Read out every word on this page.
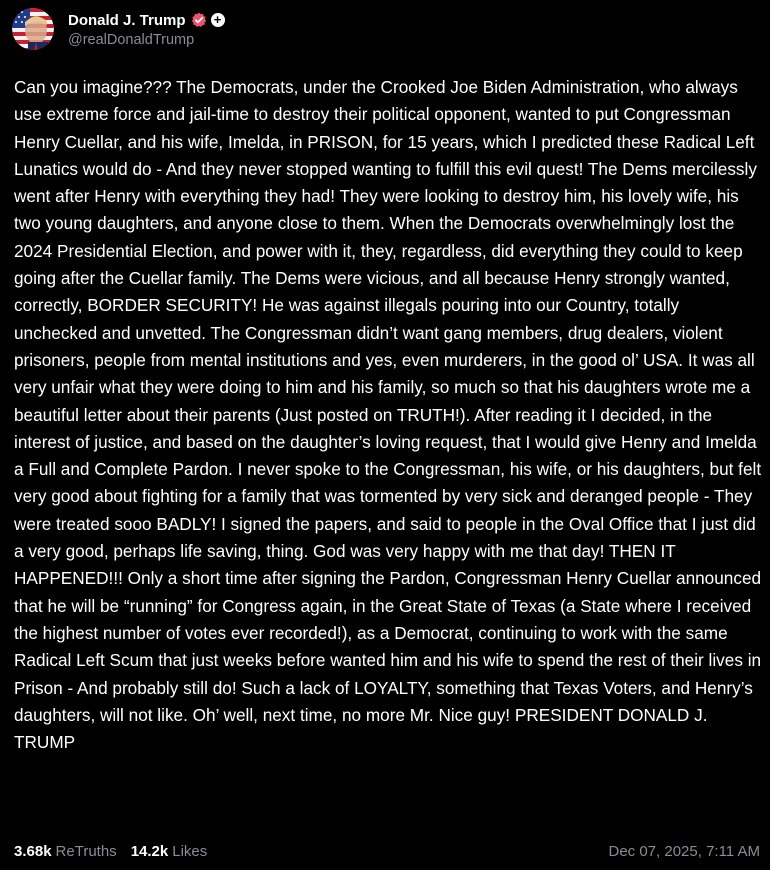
Donald J. Trump +
@realDonaldTrump
Can you imagine??? The Democrats, under the Crooked Joe Biden Administration, who always use extreme force and jail-time to destroy their political opponent, wanted to put Congressman Henry Cuellar, and his wife, Imelda, in PRISON, for 15 years, which I predicted these Radical Left Lunatics would do - And they never stopped wanting to fulfill this evil quest! The Dems mercilessly went after Henry with everything they had! They were looking to destroy him, his lovely wife, his two young daughters, and anyone close to them. When the Democrats overwhelmingly lost the 2024 Presidential Election, and power with it, they, regardless, did everything they could to keep going after the Cuellar family. The Dems were vicious, and all because Henry strongly wanted, correctly, BORDER SECURITY! He was against illegals pouring into our Country, totally unchecked and unvetted. The Congressman didn’t want gang members, drug dealers, violent prisoners, people from mental institutions and yes, even murderers, in the good ol’ USA. It was all very unfair what they were doing to him and his family, so much so that his daughters wrote me a beautiful letter about their parents (Just posted on TRUTH!). After reading it I decided, in the interest of justice, and based on the daughter’s loving request, that I would give Henry and Imelda a Full and Complete Pardon. I never spoke to the Congressman, his wife, or his daughters, but felt very good about fighting for a family that was tormented by very sick and deranged people - They were treated sooo BADLY! I signed the papers, and said to people in the Oval Office that I just did a very good, perhaps life saving, thing. God was very happy with me that day! THEN IT HAPPENED!!! Only a short time after signing the Pardon, Congressman Henry Cuellar announced that he will be “running” for Congress again, in the Great State of Texas (a State where I received the highest number of votes ever recorded!), as a Democrat, continuing to work with the same Radical Left Scum that just weeks before wanted him and his wife to spend the rest of their lives in Prison - And probably still do! Such a lack of LOYALTY, something that Texas Voters, and Henry’s daughters, will not like. Oh’ well, next time, no more Mr. Nice guy! PRESIDENT DONALD J. TRUMP
3.68k ReTruths 14.2k Likes	Dec 07, 2025, 7:11 AM
